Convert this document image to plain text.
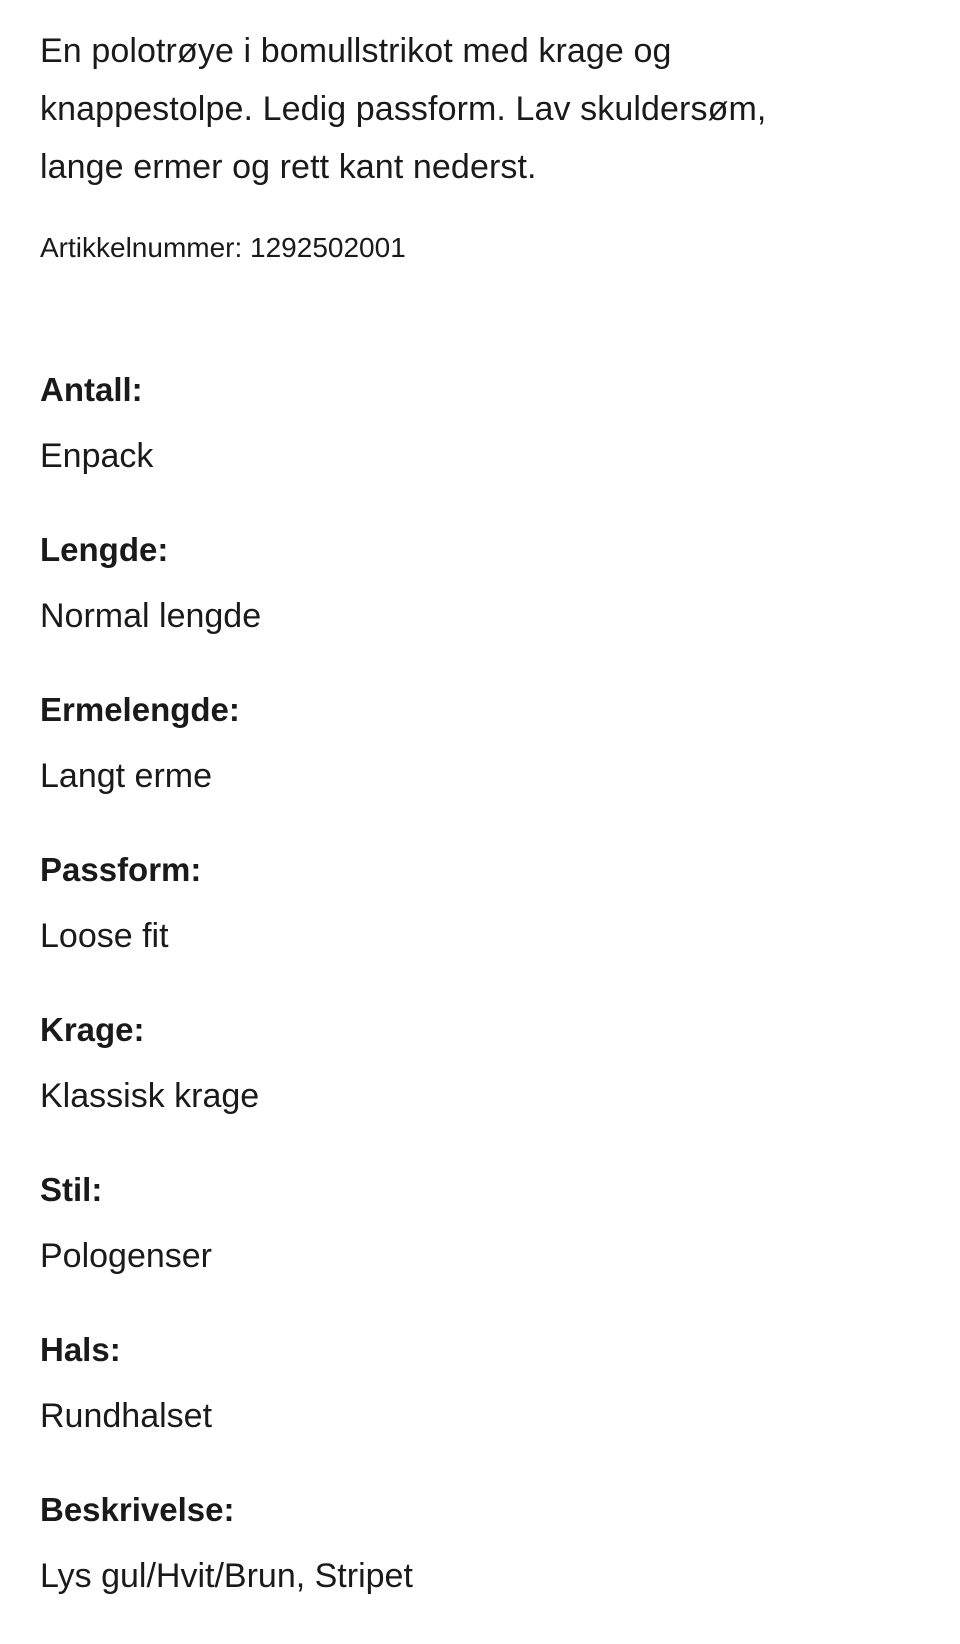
En polotrøye i bomullstrikot med krage og
knappestolpe. Ledig passform. Lav skuldersøm,
lange ermer og rett kant nederst.

Artikkelnummer: 1292502001

Antall:

Enpack

Lengde:

Normal lengde

Ermelengde:

Langt erme

Passform:

Loose fit

Krage:

Klassisk krage

Stil:

Pologenser

Hals:

Rundhalset

Beskrivelse:

Lys gul/Hvit/Brun, Stripet
